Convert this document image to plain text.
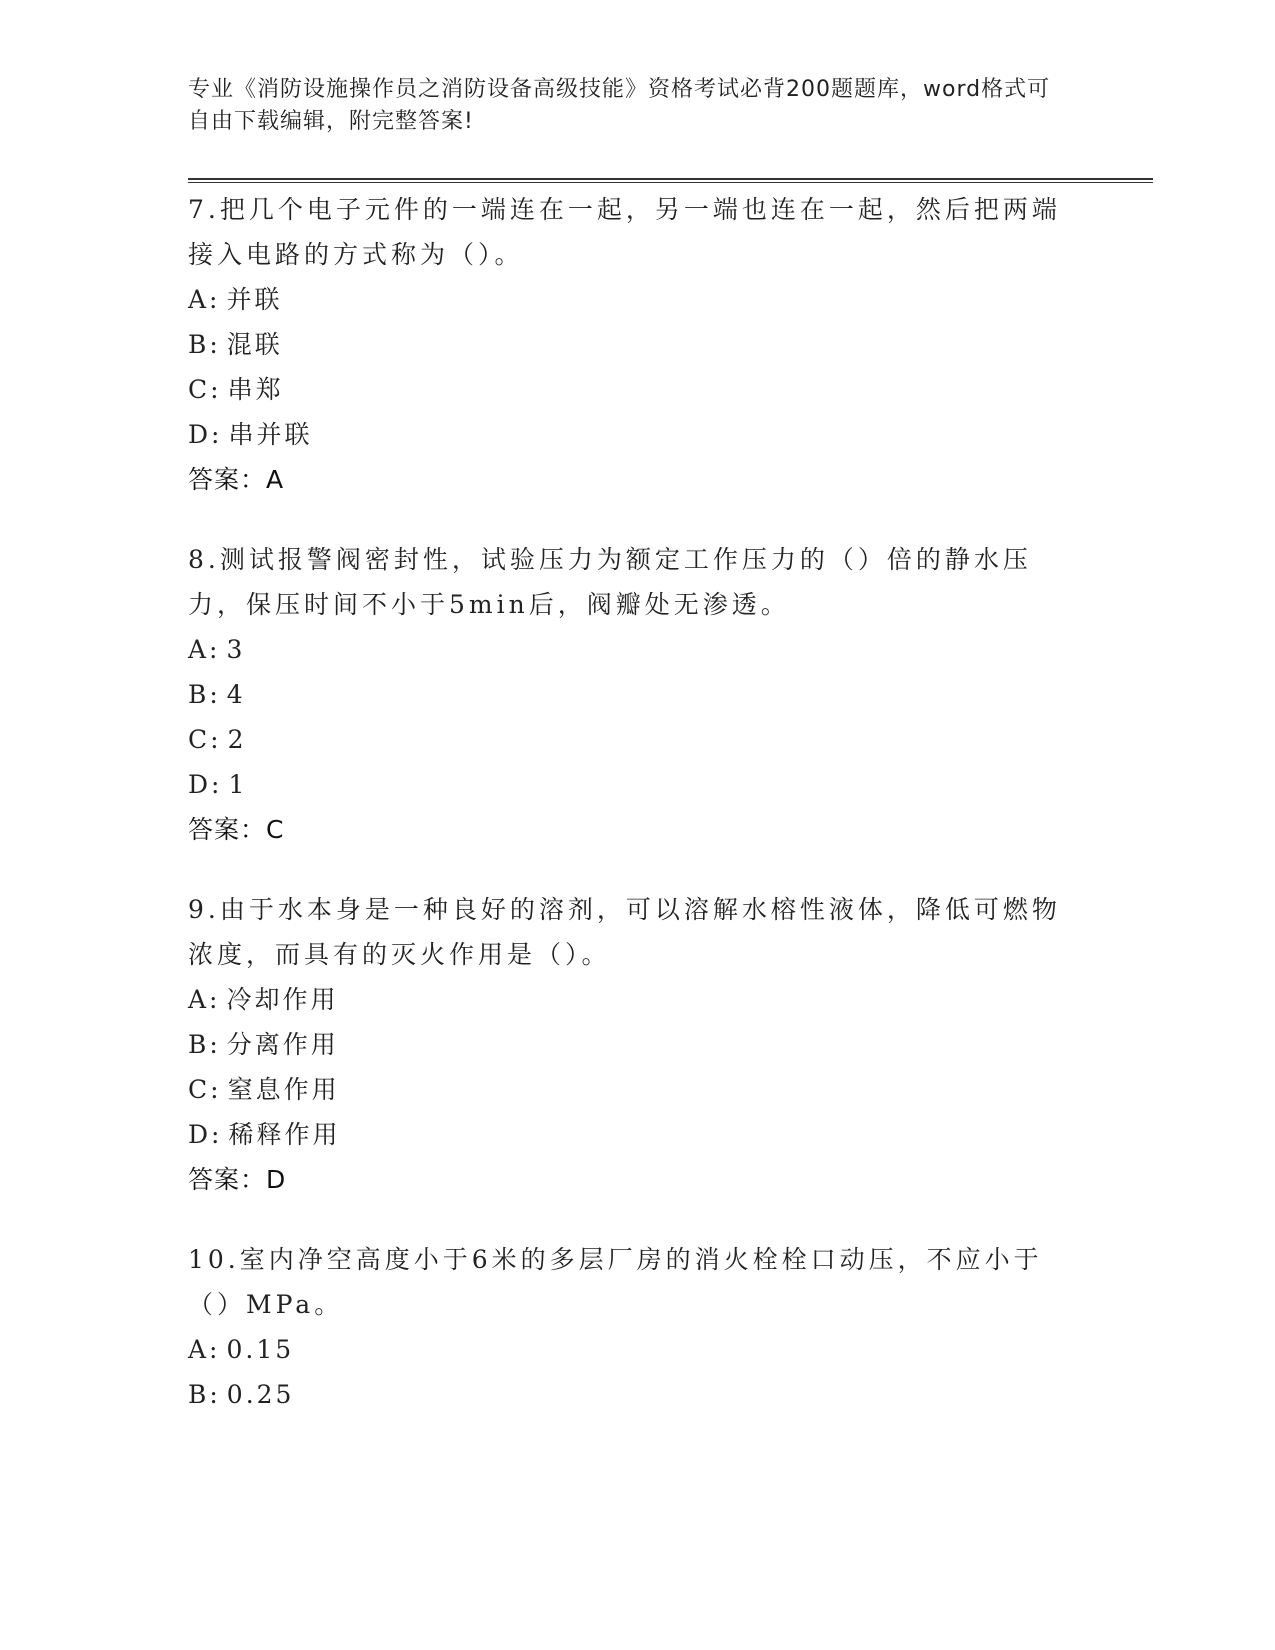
专业《消防设施操作员之消防设备高级技能》资格考试必背200题题库，word格式可自由下载编辑，附完整答案!

7.把几个电子元件的一端连在一起，另一端也连在一起，然后把两端接入电路的方式称为（）。

A: 并联
B: 混联
C: 串郑
D: 串并联

答案：A

8.测试报警阀密封性，试验压力为额定工作压力的（）倍的静水压力，保压时间不小于5min后，阀瓣处无渗透。

A: 3
B: 4
C: 2
D: 1

答案：C

9.由于水本身是一种良好的溶剂，可以溶解水榕性液体，降低可燃物浓度，而具有的灭火作用是（）。

A: 冷却作用
B: 分离作用
C: 窒息作用
D: 稀释作用

答案：D

10.室内净空高度小于6米的多层厂房的消火栓栓口动压，不应小于（）MPa。

A: 0.15
B: 0.25
